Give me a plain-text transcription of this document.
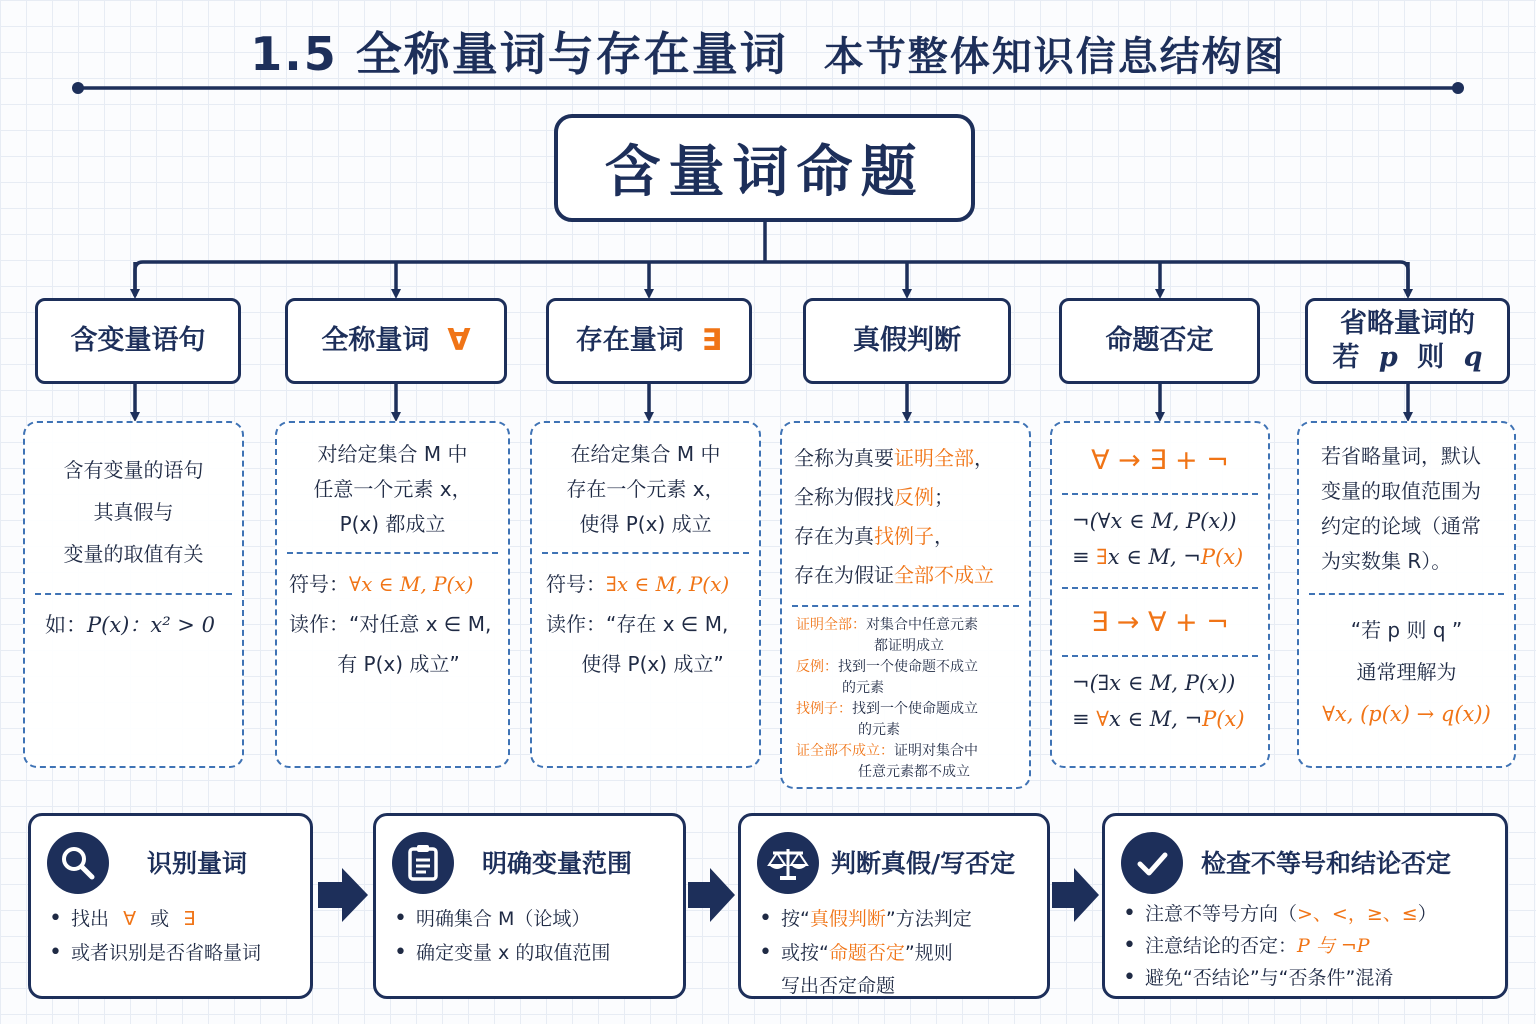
1.5 全称量词与存在量词 本节整体知识信息结构图
含量词命题
含变量语句	全称量词 ∀	存在量词 ∃	真假判断	命题否定
省略量词的
若 p 则 q
含有变量的语句
其真假与
变量的取值有关
如：P(x)：x² > 0
对给定集合 M 中
任意一个元素 x，
P(x) 都成立
符号：∀x ∈ M, P(x)
读作：“对任意 x ∈ M,
有 P(x) 成立”
在给定集合 M 中
存在一个元素 x，
使得 P(x) 成立
符号：∃x ∈ M, P(x)
读作：“存在 x ∈ M,
使得 P(x) 成立”
全称为真要证明全部，
全称为假找反例；
存在为真找例子，
存在为假证全部不成立
证明全部：对集合中任意元素
都证明成立
反例：找到一个使命题不成立
的元素
找例子：找到一个使命题成立
的元素
证全部不成立：证明对集合中
任意元素都不成立
∀ → ∃ + ¬
¬(∀x ∈ M, P(x))
≡ ∃x ∈ M, ¬P(x)
∃ → ∀ + ¬
¬(∃x ∈ M, P(x))
≡ ∀x ∈ M, ¬P(x)
若省略量词，默认
变量的取值范围为
约定的论域（通常
为实数集 R）。
“若 p 则 q ”
通常理解为
∀x, (p(x) → q(x))
识别量词
• 找出 ∀ 或 ∃
• 或者识别是否省略量词
明确变量范围
• 明确集合 M（论域）
• 确定变量 x 的取值范围
判断真假/写否定
• 按“真假判断”方法判定
• 或按“命题否定”规则
写出否定命题
检查不等号和结论否定
• 注意不等号方向（>、<，≥、≤）
• 注意结论的否定：P 与 ¬P
• 避免“否结论”与“否条件”混淆
